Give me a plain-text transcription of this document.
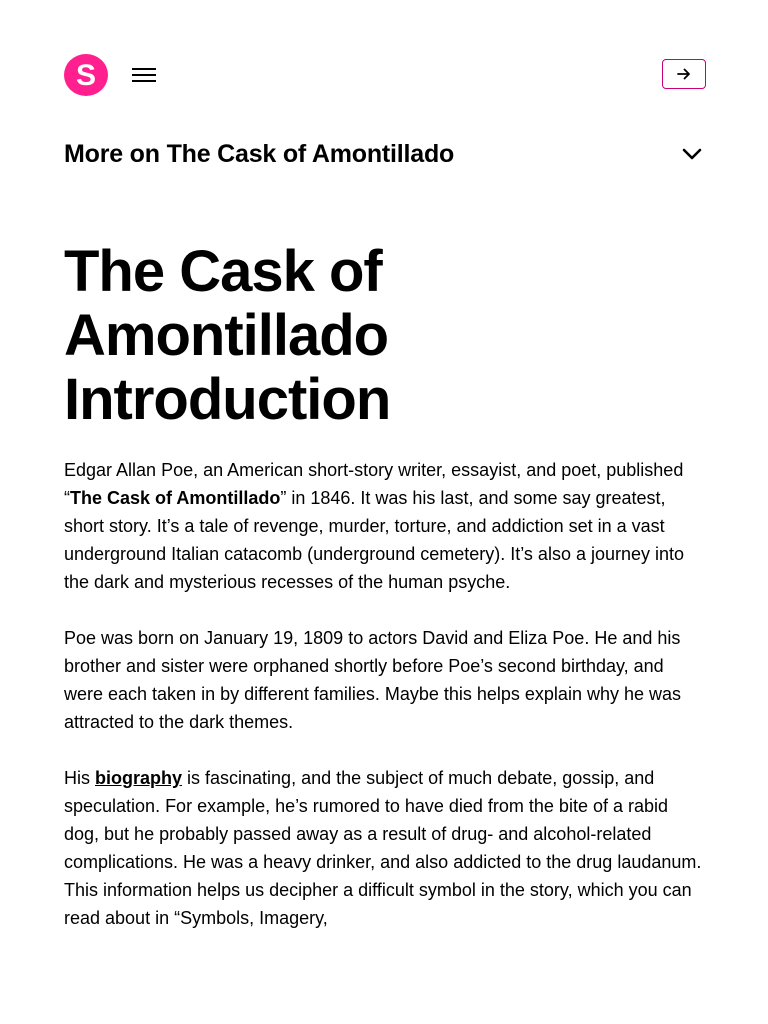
S
More on The Cask of Amontillado
The Cask of
Amontillado
Introduction

Edgar Allan Poe, an American short-story writer, essayist, and poet, published “The Cask of Amontillado” in 1846. It was his last, and some say greatest, short story. It’s a tale of revenge, murder, torture, and addiction set in a vast underground Italian catacomb (underground cemetery). It’s also a journey into the dark and mysterious recesses of the human psyche.

Poe was born on January 19, 1809 to actors David and Eliza Poe. He and his brother and sister were orphaned shortly before Poe’s second birthday, and were each taken in by different families. Maybe this helps explain why he was attracted to the dark themes.

His biography is fascinating, and the subject of much debate, gossip, and speculation. For example, he’s rumored to have died from the bite of a rabid dog, but he probably passed away as a result of drug- and alcohol-related complications. He was a heavy drinker, and also addicted to the drug laudanum. This information helps us decipher a difficult symbol in the story, which you can read about in “Symbols, Imagery,
